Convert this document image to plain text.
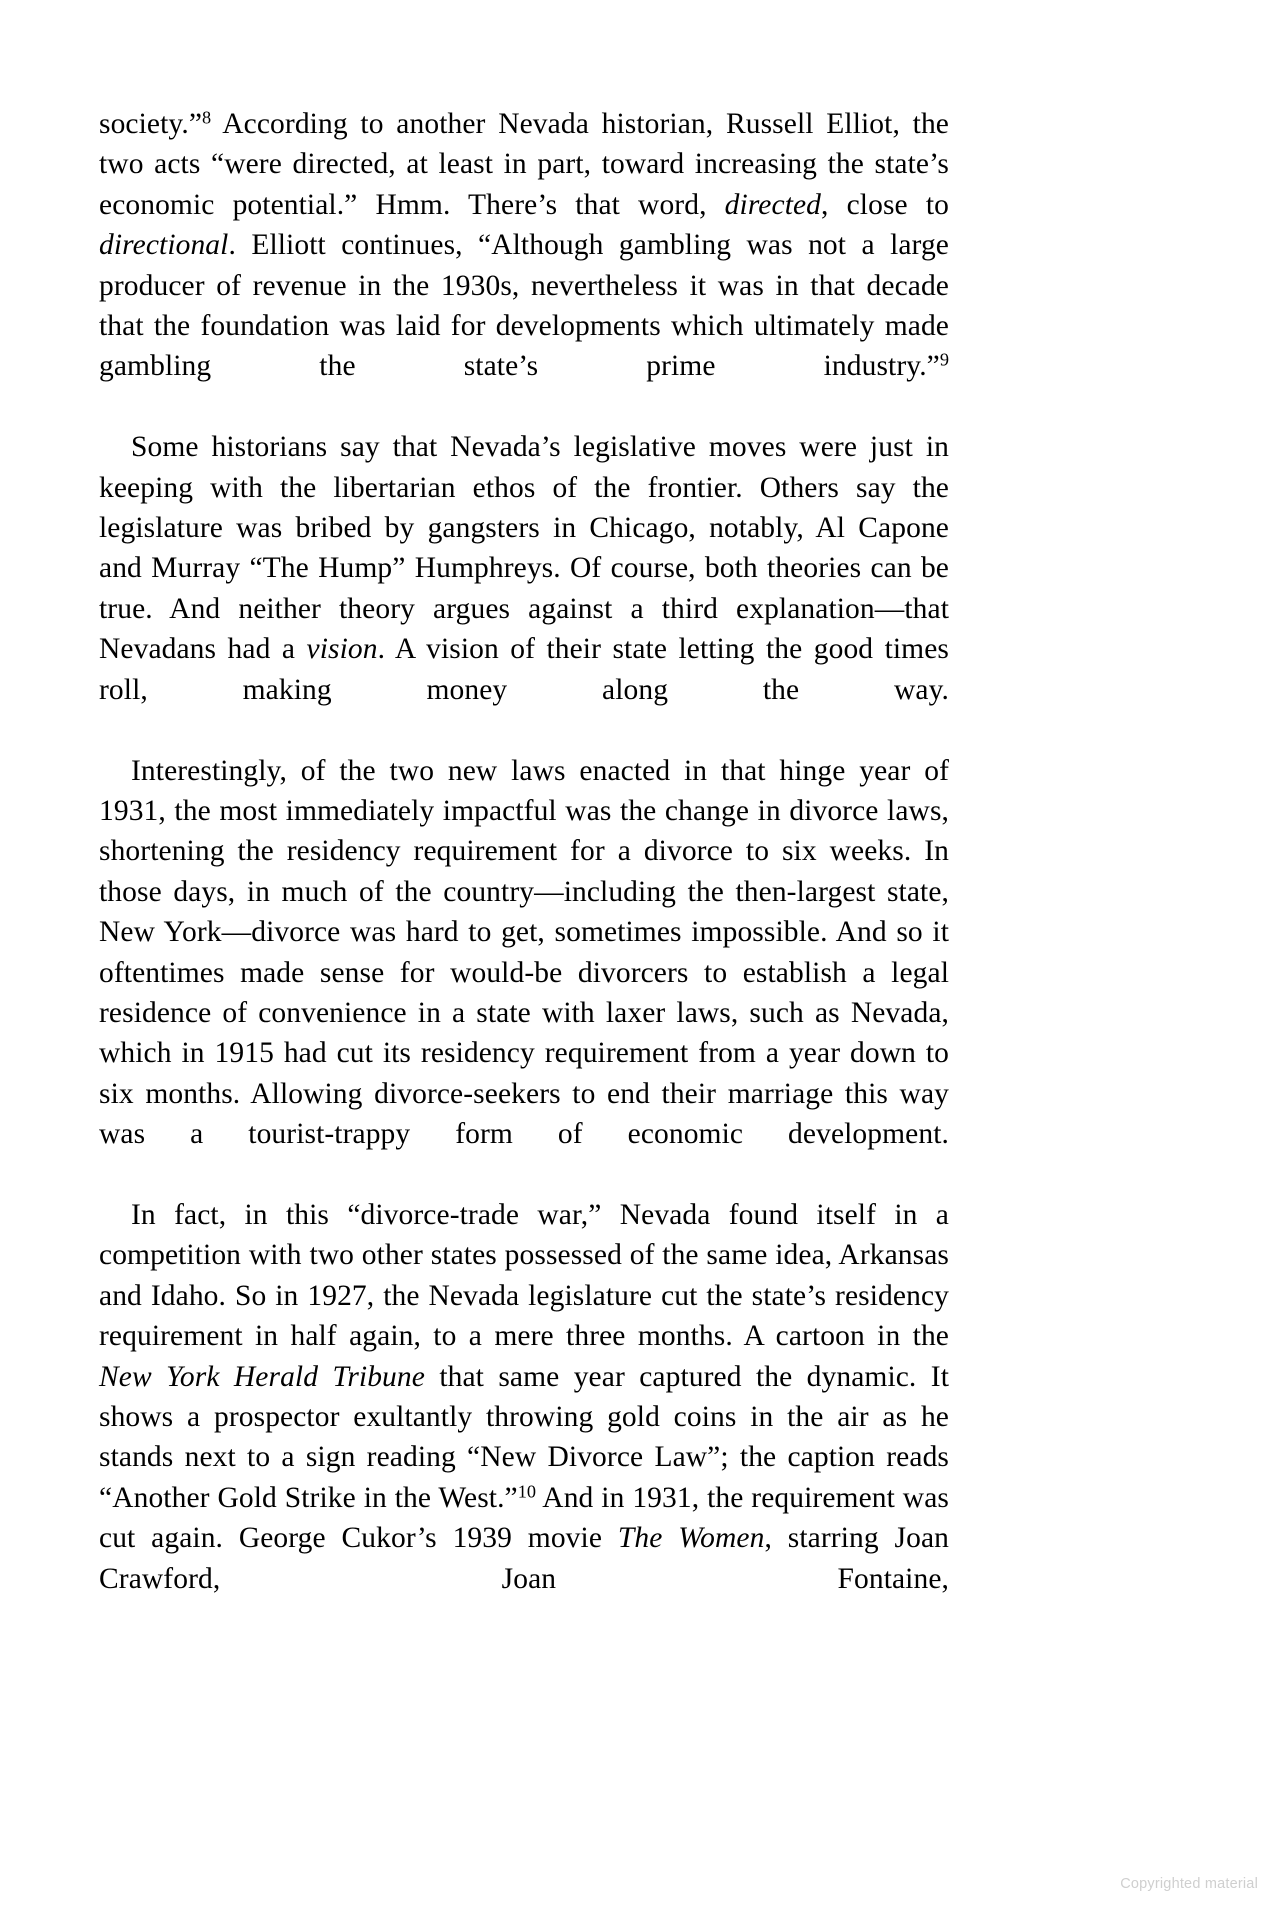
society.”$^8$ According to another Nevada historian, Russell Elliot, the two acts “were directed, at least in part, toward increasing the state’s economic potential.” Hmm. There’s that word, directed, close to directional. Elliott continues, “Although gambling was not a large producer of revenue in the 1930s, nevertheless it was in that decade that the foundation was laid for developments which ultimately made gambling the state’s prime industry.”$^9$

Some historians say that Nevada’s legislative moves were just in keeping with the libertarian ethos of the frontier. Others say the legislature was bribed by gangsters in Chicago, notably, Al Capone and Murray “The Hump” Humphreys. Of course, both theories can be true. And neither theory argues against a third explanation—that Nevadans had a vision. A vision of their state letting the good times roll, making money along the way.

Interestingly, of the two new laws enacted in that hinge year of 1931, the most immediately impactful was the change in divorce laws, shortening the residency requirement for a divorce to six weeks. In those days, in much of the country—including the then-largest state, New York—divorce was hard to get, sometimes impossible. And so it oftentimes made sense for would-be divorcers to establish a legal residence of convenience in a state with laxer laws, such as Nevada, which in 1915 had cut its residency requirement from a year down to six months. Allowing divorce-seekers to end their marriage this way was a tourist-trappy form of economic development.

In fact, in this “divorce-trade war,” Nevada found itself in a competition with two other states possessed of the same idea, Arkansas and Idaho. So in 1927, the Nevada legislature cut the state’s residency requirement in half again, to a mere three months. A cartoon in the New York Herald Tribune that same year captured the dynamic. It shows a prospector exultantly throwing gold coins in the air as he stands next to a sign reading “New Divorce Law”; the caption reads “Another Gold Strike in the West.”$^{10}$ And in 1931, the requirement was cut again. George Cukor’s 1939 movie The Women, starring Joan Crawford, Joan Fontaine,

Copyrighted material
